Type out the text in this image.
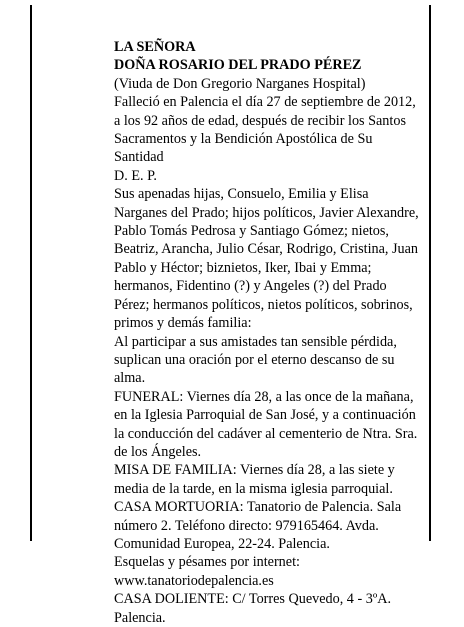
LA SEÑORA

DOÑA ROSARIO DEL PRADO PÉREZ

(Viuda de Don Gregorio Narganes Hospital)

Falleció en Palencia el día 27 de septiembre de 2012, a los 92 años de edad, después de recibir los Santos Sacramentos y la Bendición Apostólica de Su Santidad

D. E. P.

Sus apenadas hijas, Consuelo, Emilia y Elisa Narganes del Prado; hijos políticos, Javier Alexandre, Pablo Tomás Pedrosa y Santiago Gómez; nietos, Beatriz, Arancha, Julio César, Rodrigo, Cristina, Juan Pablo y Héctor; biznietos, Iker, Ibai y Emma; hermanos, Fidentino (?) y Angeles (?) del Prado Pérez; hermanos políticos, nietos políticos, sobrinos, primos y demás familia:

Al participar a sus amistades tan sensible pérdida, suplican una oración por el eterno descanso de su alma.

FUNERAL: Viernes día 28, a las once de la mañana, en la Iglesia Parroquial de San José, y a continuación la conducción del cadáver al cementerio de Ntra. Sra. de los Ángeles.

MISA DE FAMILIA: Viernes día 28, a las siete y media de la tarde, en la misma iglesia parroquial.

CASA MORTUORIA: Tanatorio de Palencia. Sala número 2. Teléfono directo: 979165464. Avda. Comunidad Europea, 22-24. Palencia.

Esquelas y pésames por internet:

www.tanatoriodepalencia.es

CASA DOLIENTE: C/ Torres Quevedo, 4 - 3ºA. Palencia.
